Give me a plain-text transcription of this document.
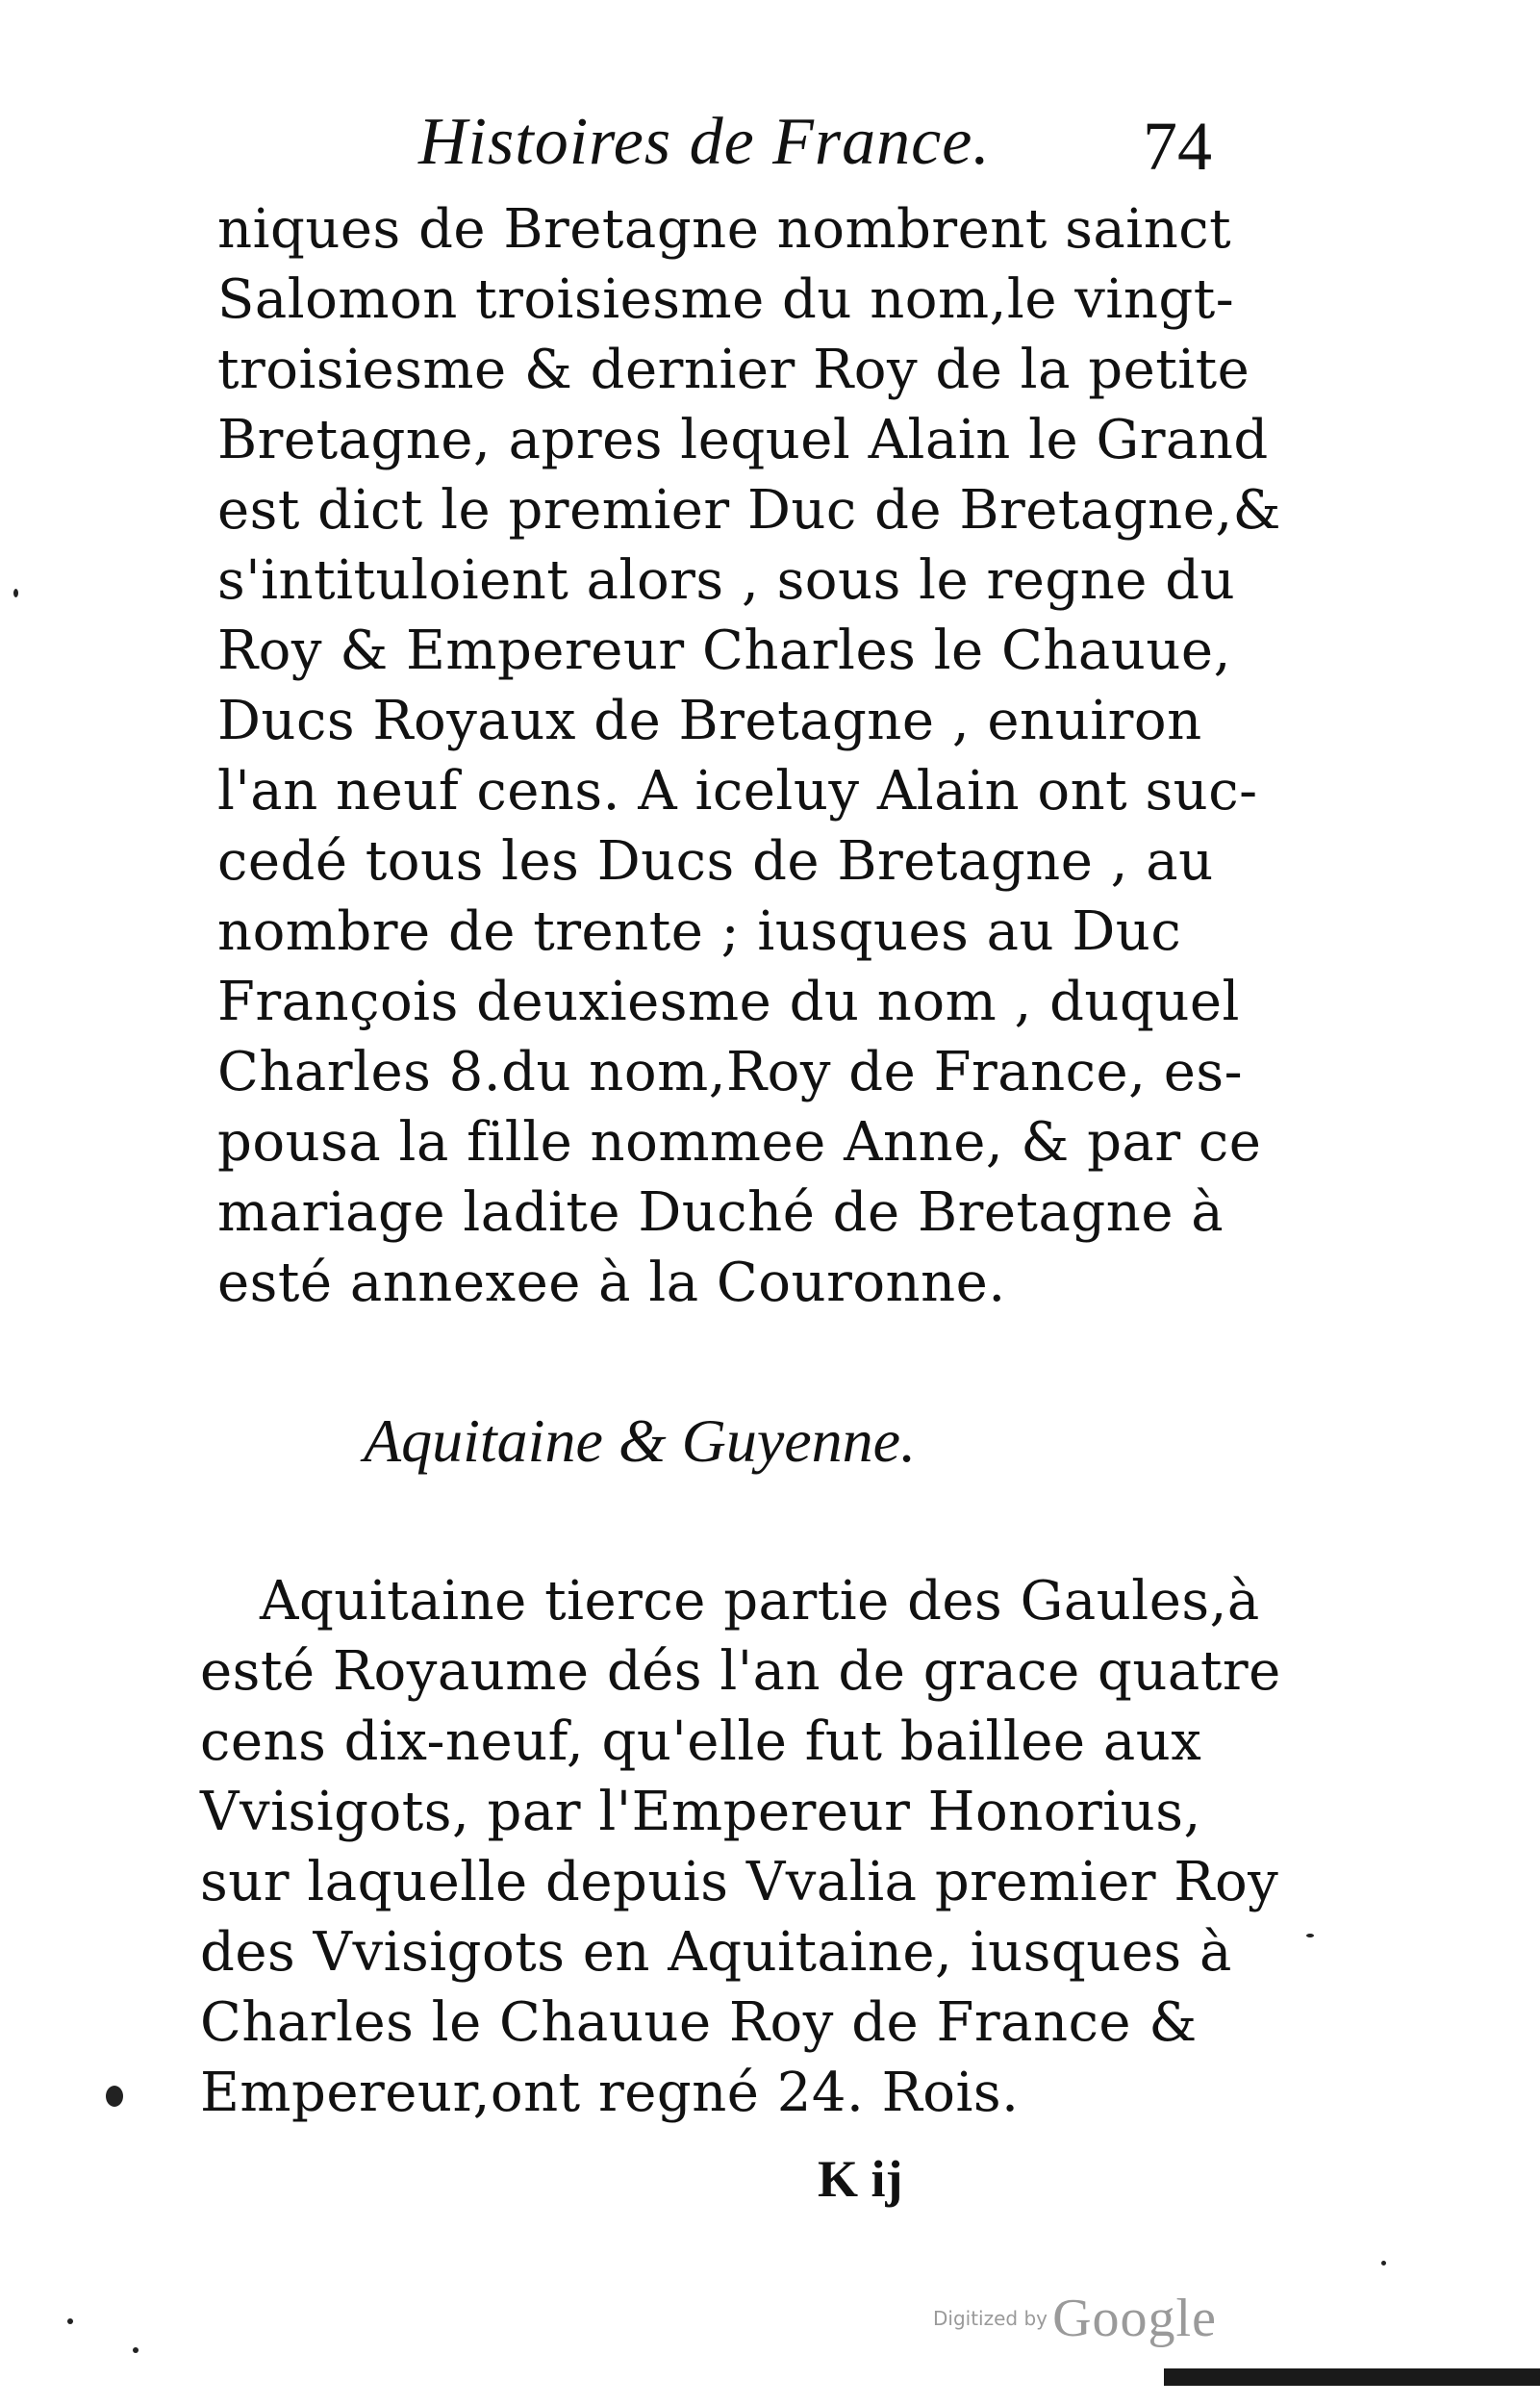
Histoires de France. 74
niques de Bretagne nombrent sainct
Salomon troisiesme du nom,le vingt-
troisiesme & dernier Roy de la petite
Bretagne, apres lequel Alain le Grand
est dict le premier Duc de Bretagne,&
s'intituloient alors , sous le regne du
Roy & Empereur Charles le Chauue,
Ducs Royaux de Bretagne , enuiron
l'an neuf cens. A iceluy Alain ont suc-
cedé tous les Ducs de Bretagne , au
nombre de trente ; iusques au Duc
François deuxiesme du nom , duquel
Charles 8.du nom,Roy de France, es-
pousa la fille nommee Anne, & par ce
mariage ladite Duché de Bretagne à
esté annexee à la Couronne.
Aquitaine & Guyenne.
Aquitaine tierce partie des Gaules,à
esté Royaume dés l'an de grace quatre
cens dix-neuf, qu'elle fut baillee aux
Vvisigots, par l'Empereur Honorius,
sur laquelle depuis Vvalia premier Roy
des Vvisigots en Aquitaine, iusques à
Charles le Chauue Roy de France &
Empereur,ont regné 24. Rois.
K ij
Digitized by Google
